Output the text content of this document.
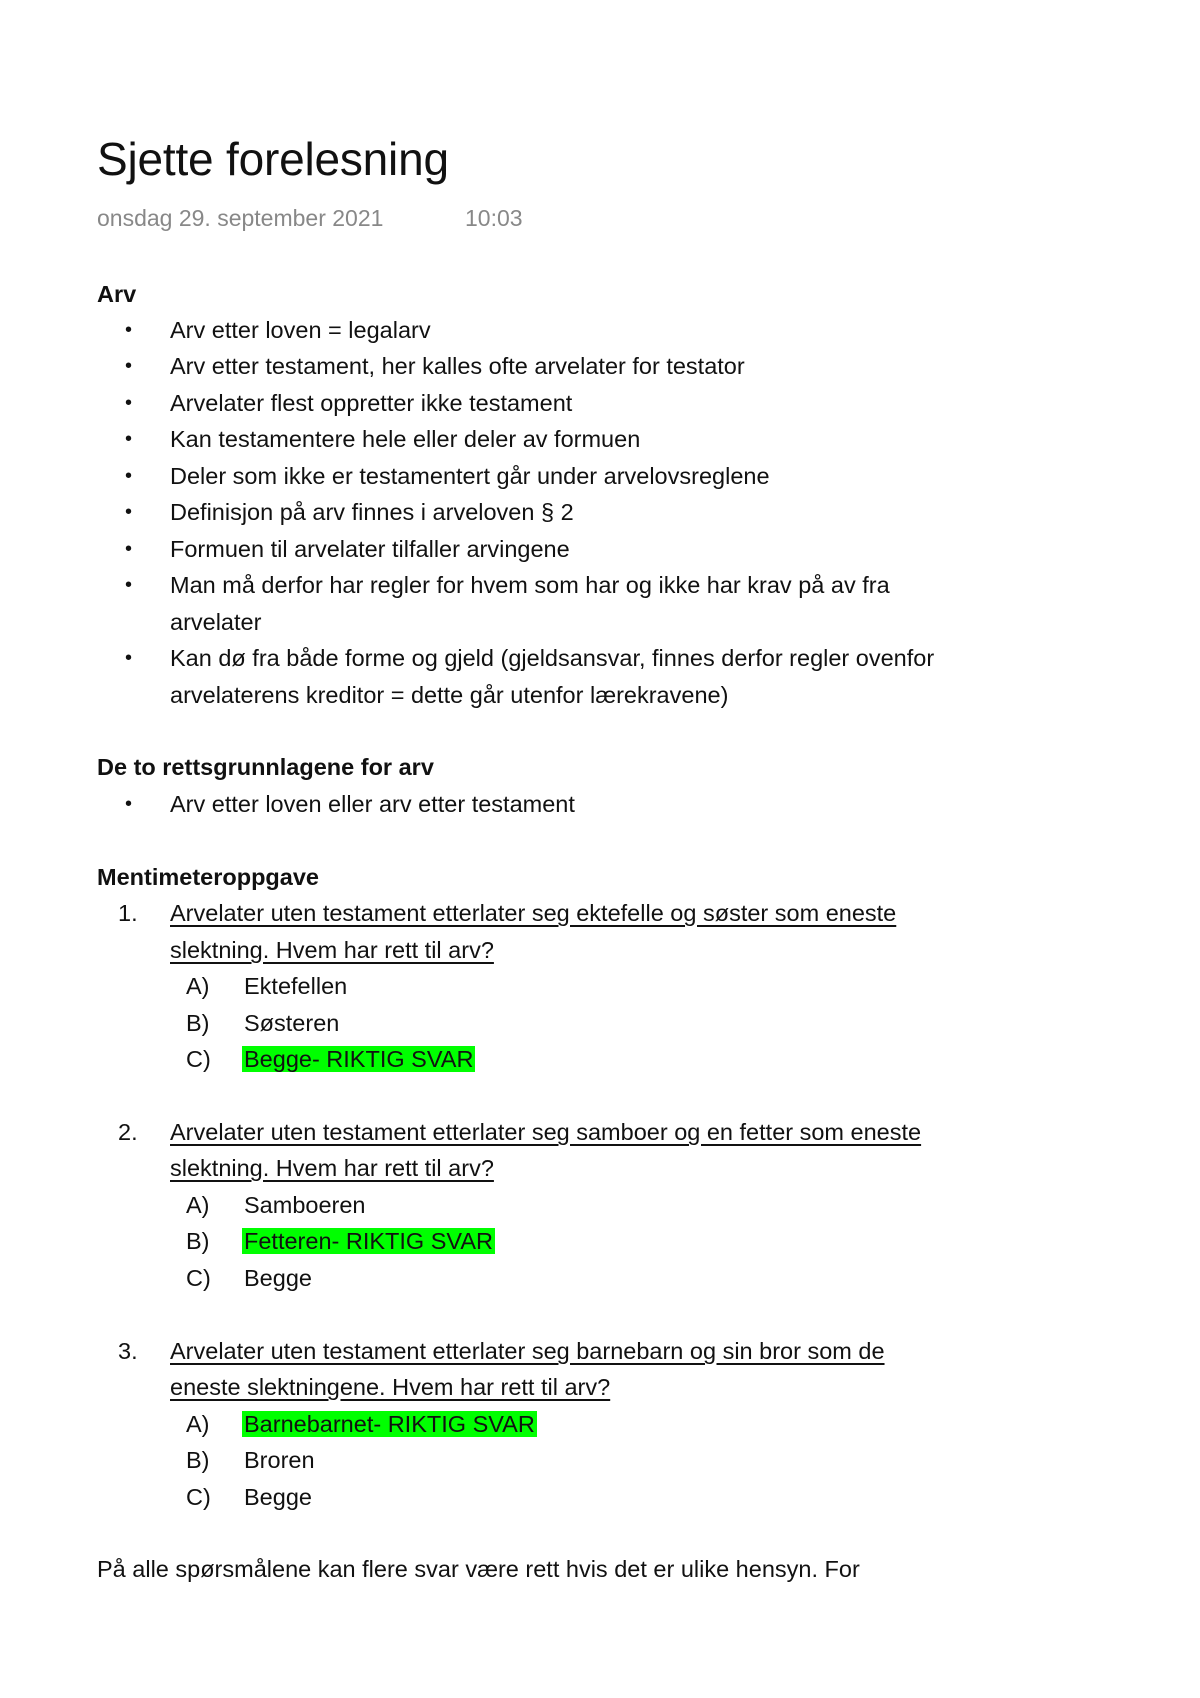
Sjette forelesning
onsdag 29. september 2021	10:03
Arv
• Arv etter loven = legalarv
• Arv etter testament, her kalles ofte arvelater for testator
• Arvelater flest oppretter ikke testament
• Kan testamentere hele eller deler av formuen
• Deler som ikke er testamentert går under arvelovsreglene
• Definisjon på arv finnes i arveloven § 2
• Formuen til arvelater tilfaller arvingene
• Man må derfor har regler for hvem som har og ikke har krav på av fra
arvelater
• Kan dø fra både forme og gjeld (gjeldsansvar, finnes derfor regler ovenfor
arvelaterens kreditor = dette går utenfor lærekravene)
De to rettsgrunnlagene for arv
• Arv etter loven eller arv etter testament
Mentimeteroppgave
1. Arvelater uten testament etterlater seg ektefelle og søster som eneste
slektning. Hvem har rett til arv?
A) Ektefellen
B) Søsteren
C) Begge- RIKTIG SVAR
2. Arvelater uten testament etterlater seg samboer og en fetter som eneste
slektning. Hvem har rett til arv?
A) Samboeren
B) Fetteren- RIKTIG SVAR
C) Begge
3. Arvelater uten testament etterlater seg barnebarn og sin bror som de
eneste slektningene. Hvem har rett til arv?
A) Barnebarnet- RIKTIG SVAR
B) Broren
C) Begge
På alle spørsmålene kan flere svar være rett hvis det er ulike hensyn. For
